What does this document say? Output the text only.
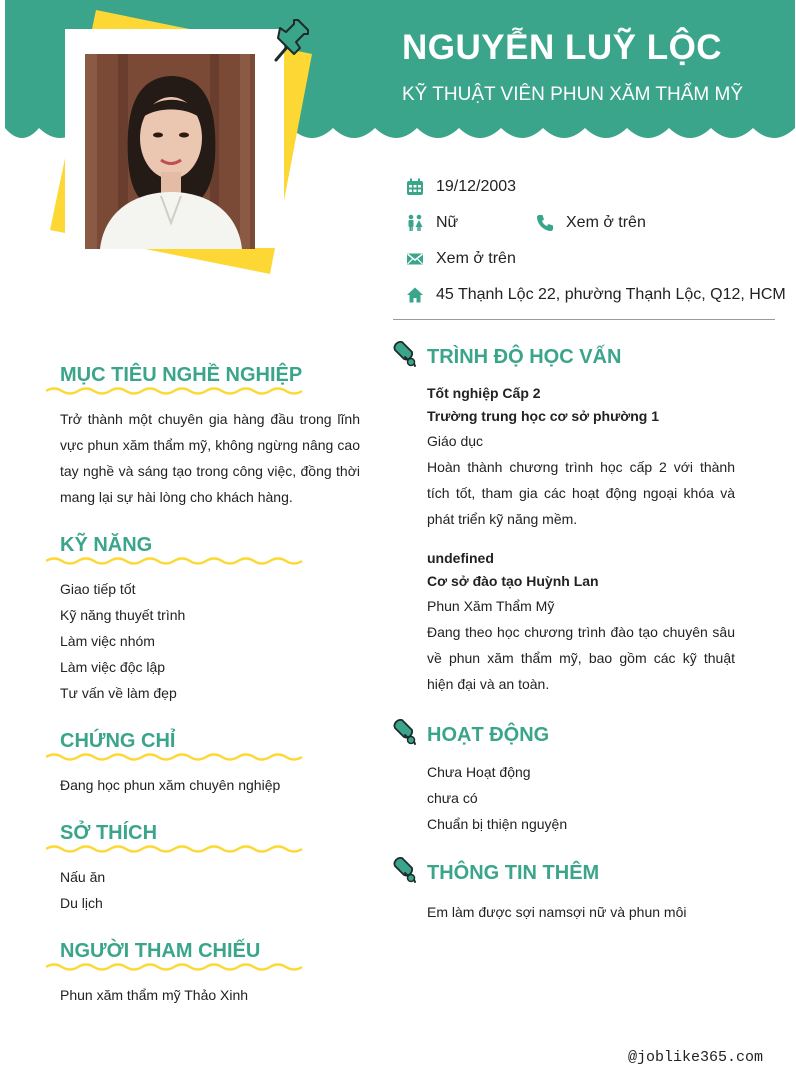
NGUYỄN LUỸ LỘC
KỸ THUẬT VIÊN PHUN XĂM THẨM MỸ
19/12/2003
Nữ	Xem ở trên
Xem ở trên
45 Thạnh Lộc 22, phường Thạnh Lộc, Q12, HCM
MỤC TIÊU NGHỀ NGHIỆP
Trở thành một chuyên gia hàng đầu trong lĩnh vực phun xăm thẩm mỹ, không ngừng nâng cao tay nghề và sáng tạo trong công việc, đồng thời mang lại sự hài lòng cho khách hàng.
KỸ NĂNG
Giao tiếp tốt
Kỹ năng thuyết trình
Làm việc nhóm
Làm việc độc lập
Tư vấn về làm đẹp
CHỨNG CHỈ
Đang học phun xăm chuyên nghiệp
SỞ THÍCH
Nấu ăn
Du lịch
NGƯỜI THAM CHIẾU
Phun xăm thẩm mỹ Thảo Xinh
TRÌNH ĐỘ HỌC VẤN
Tốt nghiệp Cấp 2
Trường trung học cơ sở phường 1
Giáo dục
Hoàn thành chương trình học cấp 2 với thành tích tốt, tham gia các hoạt động ngoại khóa và phát triển kỹ năng mềm.
undefined
Cơ sở đào tạo Huỳnh Lan
Phun Xăm Thẩm Mỹ
Đang theo học chương trình đào tạo chuyên sâu về phun xăm thẩm mỹ, bao gồm các kỹ thuật hiện đại và an toàn.
HOẠT ĐỘNG
Chưa Hoạt động
chưa có
Chuẩn bị thiện nguyện
THÔNG TIN THÊM
Em làm được sợi namsợi nữ và phun môi
@joblike365.com
